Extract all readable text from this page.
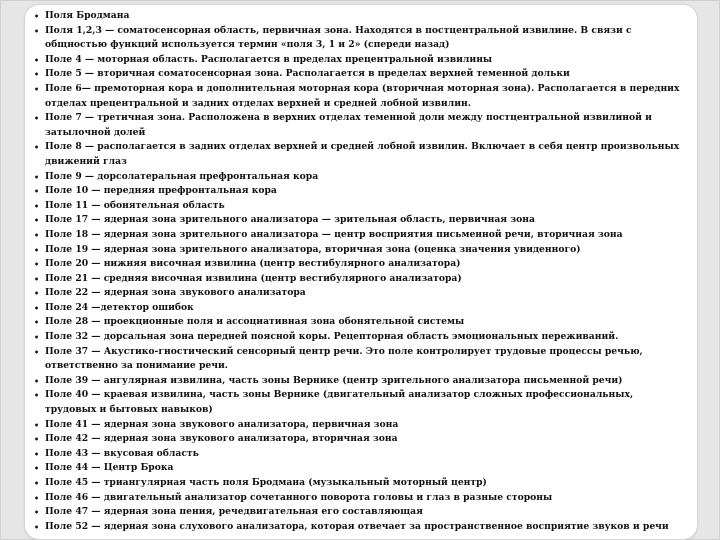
• Поля Бродмана
• Поля 1,2,3 — соматосенсорная область, первичная зона. Находятся в постцентральной извилине. В связи с общностью функций используется термин «поля 3, 1 и 2» (спереди назад)
• Поле 4 — моторная область. Располагается в пределах прецентральной извилины
• Поле 5 — вторичная соматосенсорная зона. Располагается в пределах верхней теменной дольки
• Поле 6— премоторная кора и дополнительная моторная кора (вторичная моторная зона). Располагается в передних отделах прецентральной и задних отделах верхней и средней лобной извилин.
• Поле 7 — третичная зона. Расположена в верхних отделах теменной доли между постцентральной извилиной и затылочной долей
• Поле 8 — располагается в задних отделах верхней и средней лобной извилин. Включает в себя центр произвольных движений глаз
• Поле 9 — дорсолатеральная префронтальная кора
• Поле 10 — передняя префронтальная кора
• Поле 11 — обонятельная область
• Поле 17 — ядерная зона зрительного анализатора — зрительная область, первичная зона
• Поле 18 — ядерная зона зрительного анализатора — центр восприятия письменной речи, вторичная зона
• Поле 19 — ядерная зона зрительного анализатора, вторичная зона (оценка значения увиденного)
• Поле 20 — нижняя височная извилина (центр вестибулярного анализатора)
• Поле 21 — средняя височная извилина (центр вестибулярного анализатора)
• Поле 22 — ядерная зона звукового анализатора
• Поле 24 —детектор ошибок
• Поле 28 — проекционные поля и ассоциативная зона обонятельной системы
• Поле 32 — дорсальная зона передней поясной коры. Рецепторная область эмоциональных переживаний.
• Поле 37 — Акустико-гностический сенсорный центр речи. Это поле контролирует трудовые процессы речью, ответственно за понимание речи.
• Поле 39 — ангулярная извилина, часть зоны Верникe (центр зрительного анализатора письменной речи)
• Поле 40 — краевая извилина, часть зоны Верникe (двигательный анализатор сложных профессиональных, трудовых и бытовых навыков)
• Поле 41 — ядерная зона звукового анализатора, первичная зона
• Поле 42 — ядерная зона звукового анализатора, вторичная зона
• Поле 43 — вкусовая область
• Поле 44 — Центр Брока
• Поле 45 — триангулярная часть поля Бродмана (музыкальный моторный центр)
• Поле 46 — двигательный анализатор сочетанного поворота головы и глаз в разные стороны
• Поле 47 — ядерная зона пения, речедвигательная его составляющая
• Поле 52 — ядерная зона слухового анализатора, которая отвечает за пространственное восприятие звуков и речи
